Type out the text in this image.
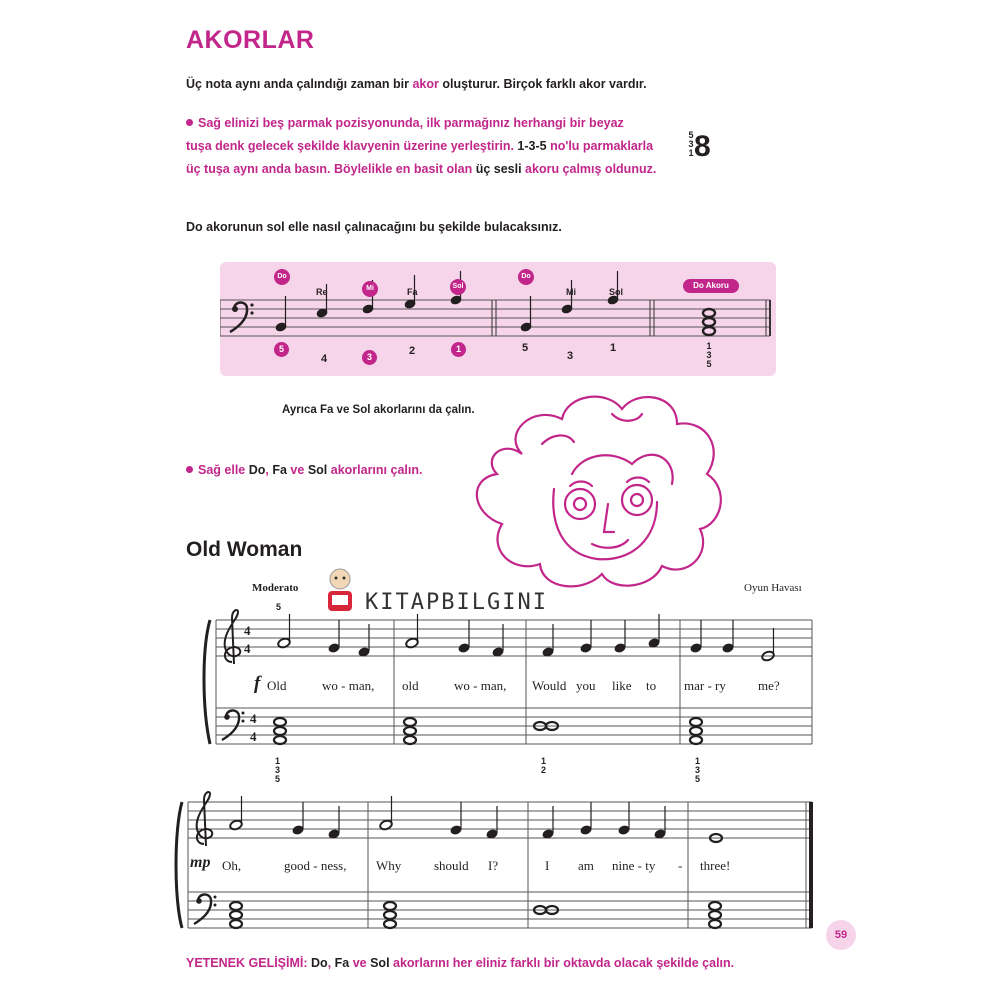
AKORLAR
Üç nota aynı anda çalındığı zaman bir akor oluşturur. Birçok farklı akor vardır.
Sağ elinizi beş parmak pozisyonunda, ilk parmağınız herhangi bir beyaz
tuşa denk gelecek şekilde klavyenin üzerine yerleştirin. 1-3-5 no'lu parmaklarla
üç tuşa aynı anda basın. Böylelikle en basit olan üç sesli akoru çalmış oldunuz.
5
3
1 8
Do akorunun sol elle nasıl çalınacağını bu şekilde bulacaksınız.
Do
Re	Mi	Fa
Sol
Do
Mi	Sol
Do Akoru
5
4	3	2	1	5
3
1	1
3
5
Ayrıca Fa ve Sol akorlarını da çalın.
Sağ elle Do, Fa ve Sol akorlarını çalın.
Old Woman
Moderato	Oyun Havası
5	KITAPBILGINI
4
4
4
4
f Old	wo - man, old	wo - man, Would you like to mar - ry me?
1
3
5
1
2
1
3
5
mp Oh,	good - ness, Why	should I?	I am nine - ty - three!
59
YETENEK GELİŞİMİ: Do, Fa ve Sol akorlarını her eliniz farklı bir oktavda olacak şekilde çalın.
